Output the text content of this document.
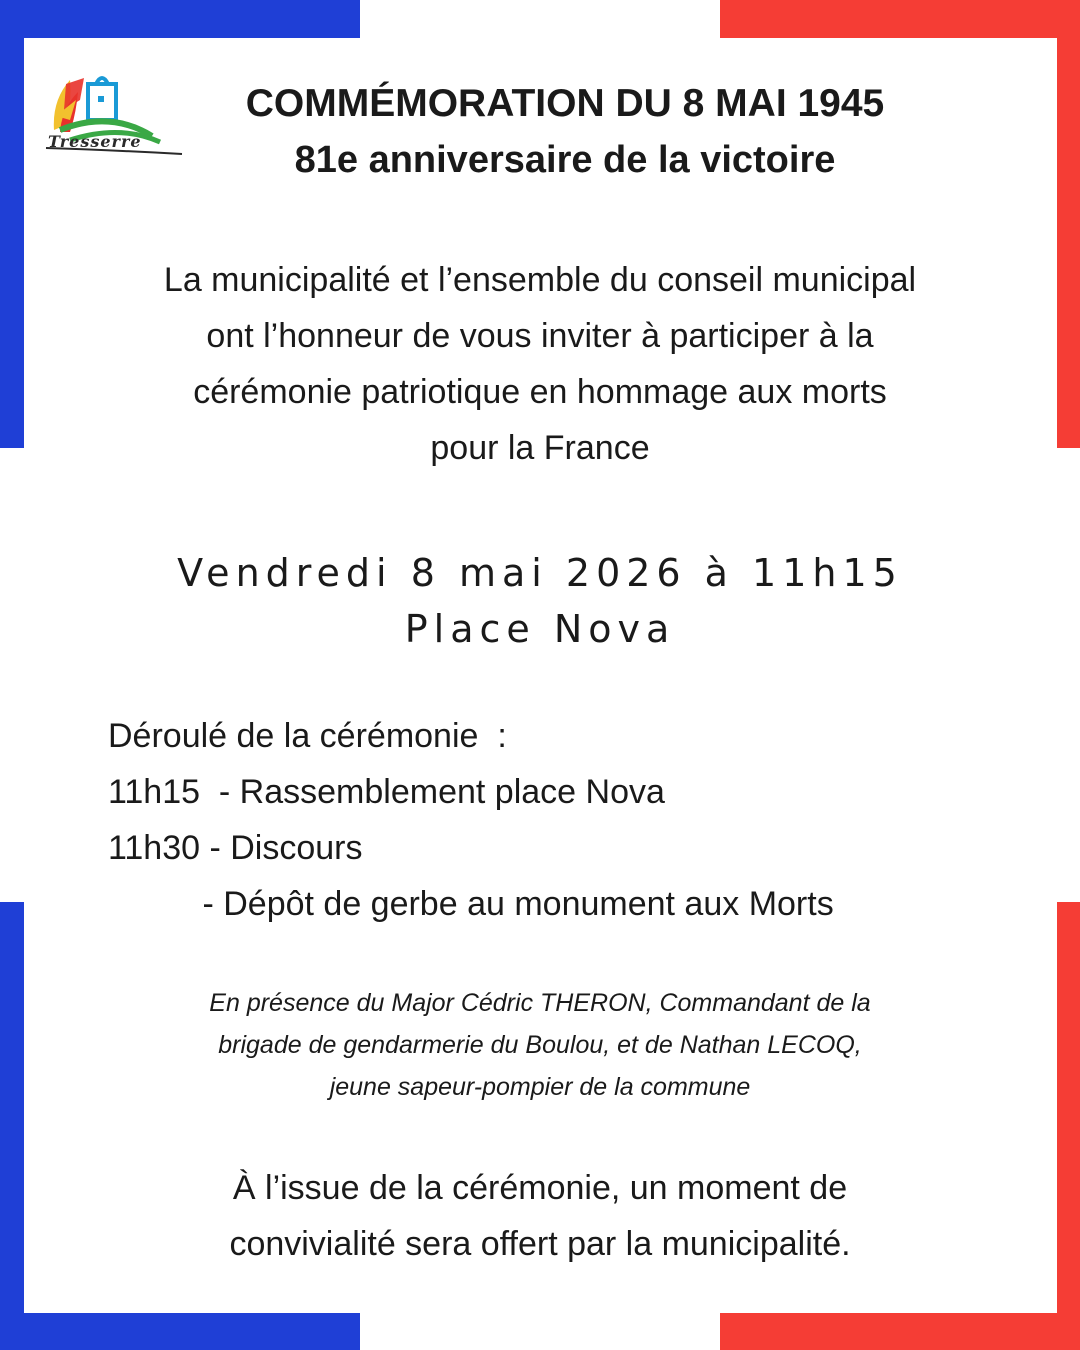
Tresserre
COMMÉMORATION DU 8 MAI 1945
81e anniversaire de la victoire
La municipalité et l’ensemble du conseil municipal
ont l’honneur de vous inviter à participer à la
cérémonie patriotique en hommage aux morts
pour la France
Vendredi 8 mai 2026 à 11h15
Place Nova
Déroulé de la cérémonie  :
11h15  - Rassemblement place Nova
11h30 - Discours
- Dépôt de gerbe au monument aux Morts
En présence du Major Cédric THERON, Commandant de la
brigade de gendarmerie du Boulou, et de Nathan LECOQ,
jeune sapeur-pompier de la commune
À l’issue de la cérémonie, un moment de
convivialité sera offert par la municipalité.
